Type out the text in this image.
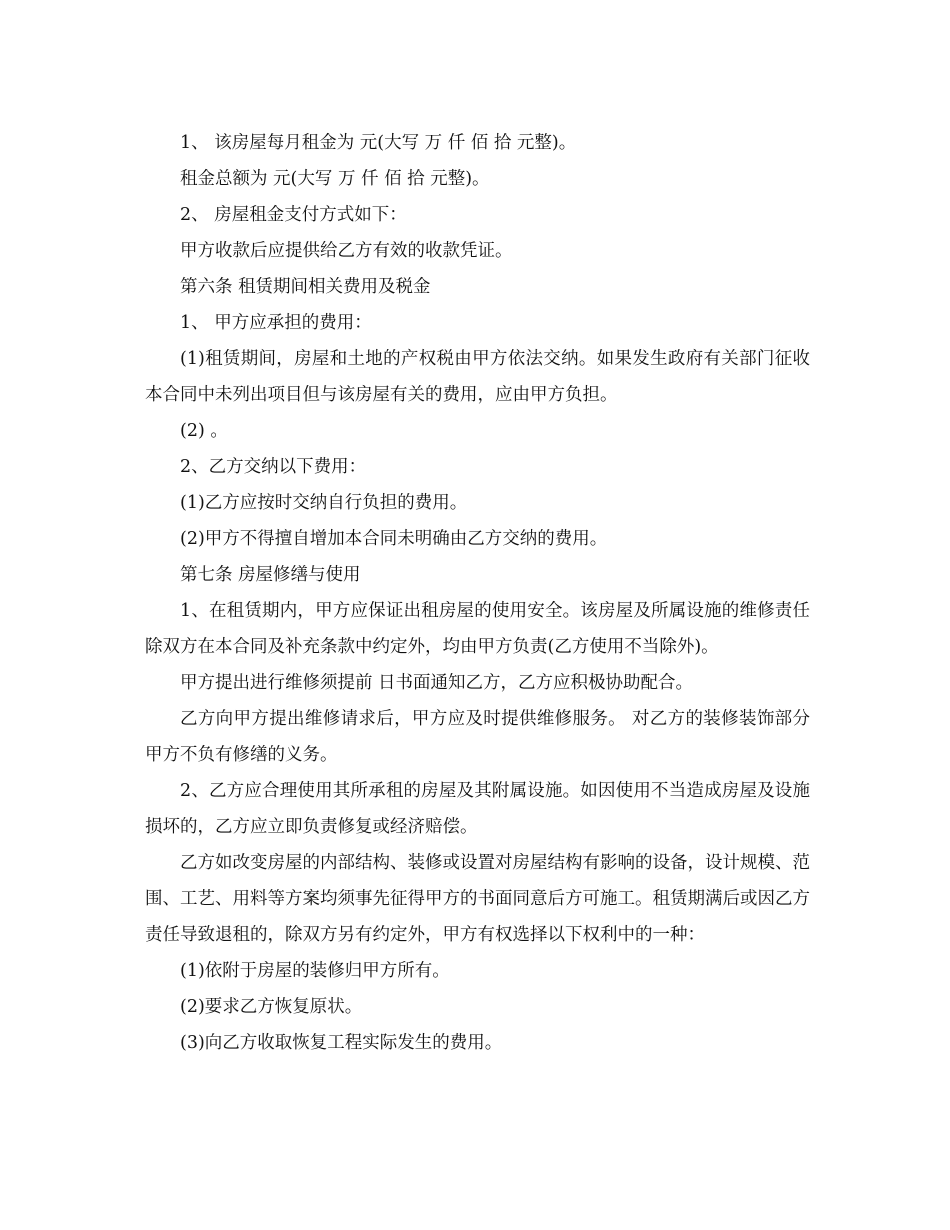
1、 该房屋每月租金为 元(大写 万 仟 佰 拾 元整)。

租金总额为 元(大写 万 仟 佰 拾 元整)。

2、 房屋租金支付方式如下：

甲方收款后应提供给乙方有效的收款凭证。

第六条 租赁期间相关费用及税金

1、 甲方应承担的费用：

(1)租赁期间，房屋和土地的产权税由甲方依法交纳。如果发生政府有关部门征收本合同中未列出项目但与该房屋有关的费用，应由甲方负担。

(2) 。

2、乙方交纳以下费用：

(1)乙方应按时交纳自行负担的费用。

(2)甲方不得擅自增加本合同未明确由乙方交纳的费用。

第七条 房屋修缮与使用

1、在租赁期内，甲方应保证出租房屋的使用安全。该房屋及所属设施的维修责任除双方在本合同及补充条款中约定外，均由甲方负责(乙方使用不当除外)。

甲方提出进行维修须提前 日书面通知乙方，乙方应积极协助配合。

乙方向甲方提出维修请求后，甲方应及时提供维修服务。 对乙方的装修装饰部分甲方不负有修缮的义务。

2、乙方应合理使用其所承租的房屋及其附属设施。如因使用不当造成房屋及设施损坏的，乙方应立即负责修复或经济赔偿。

乙方如改变房屋的内部结构、装修或设置对房屋结构有影响的设备，设计规模、范围、工艺、用料等方案均须事先征得甲方的书面同意后方可施工。租赁期满后或因乙方责任导致退租的，除双方另有约定外，甲方有权选择以下权利中的一种：

(1)依附于房屋的装修归甲方所有。

(2)要求乙方恢复原状。

(3)向乙方收取恢复工程实际发生的费用。
